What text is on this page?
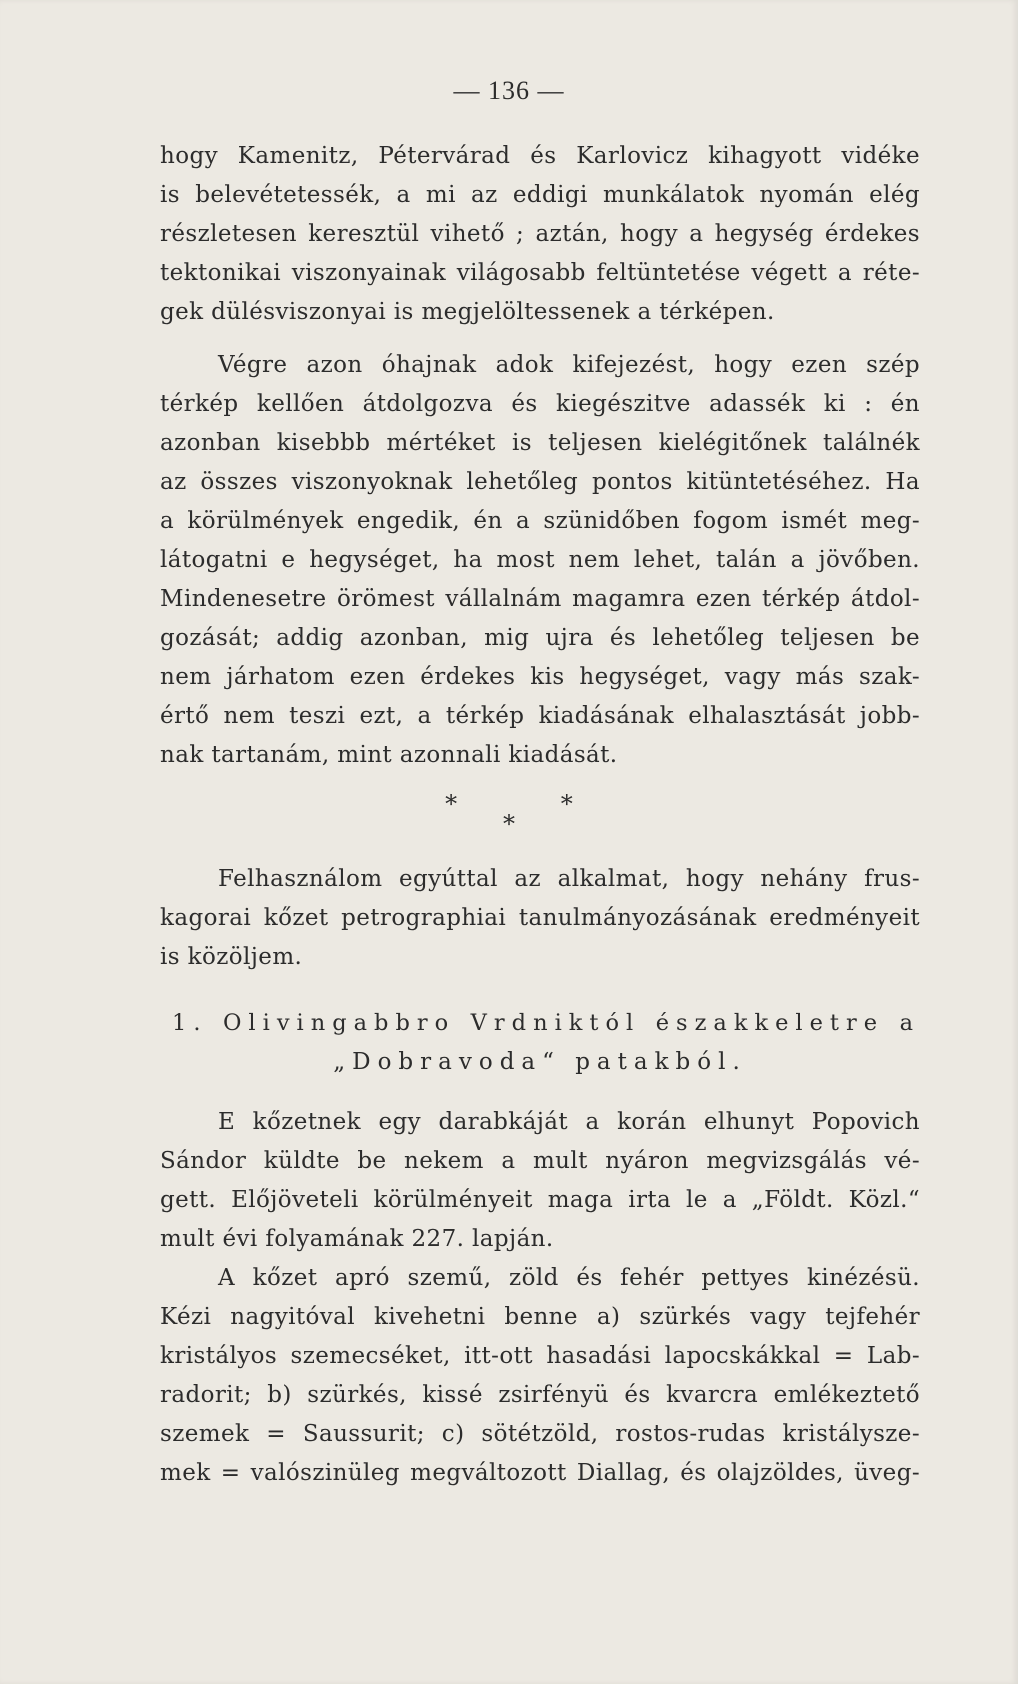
— 136 —
hogy Kamenitz, Pétervárad és Karlovicz kihagyott vidéke
is belevétetessék, a mi az eddigi munkálatok nyomán elég
részletesen keresztül vihető ; aztán, hogy a hegység érdekes
tektonikai viszonyainak világosabb feltüntetése végett a réte-
gek dülésviszonyai is megjelöltessenek a térképen.
Végre azon óhajnak adok kifejezést, hogy ezen szép
térkép kellően átdolgozva és kiegészitve adassék ki : én
azonban kisebbb mértéket is teljesen kielégitőnek találnék
az összes viszonyoknak lehetőleg pontos kitüntetéséhez. Ha
a körülmények engedik, én a szünidőben fogom ismét meg-
látogatni e hegységet, ha most nem lehet, talán a jövőben.
Mindenesetre örömest vállalnám magamra ezen térkép átdol-
gozását; addig azonban, mig ujra és lehetőleg teljesen be
nem járhatom ezen érdekes kis hegységet, vagy más szak-
értő nem teszi ezt, a térkép kiadásának elhalasztását jobb-
nak tartanám, mint azonnali kiadását.
* *
*
Felhasználom egyúttal az alkalmat, hogy nehány frus-
kagorai kőzet petrographiai tanulmányozásának eredményeit
is közöljem.
1. Olivingabbro Vrdniktól északkeletre a
„Dobravoda“ patakból.
E kőzetnek egy darabkáját a korán elhunyt Popovich
Sándor küldte be nekem a mult nyáron megvizsgálás vé-
gett. Előjöveteli körülményeit maga irta le a „Földt. Közl.“
mult évi folyamának 227. lapján.
A kőzet apró szemű, zöld és fehér pettyes kinézésü.
Kézi nagyitóval kivehetni benne a) szürkés vagy tejfehér
kristályos szemecséket, itt-ott hasadási lapocskákkal = Lab-
radorit; b) szürkés, kissé zsirfényü és kvarcra emlékeztető
szemek = Saussurit; c) sötétzöld, rostos-rudas kristálysze-
mek = valószinüleg megváltozott Diallag, és olajzöldes, üveg-
